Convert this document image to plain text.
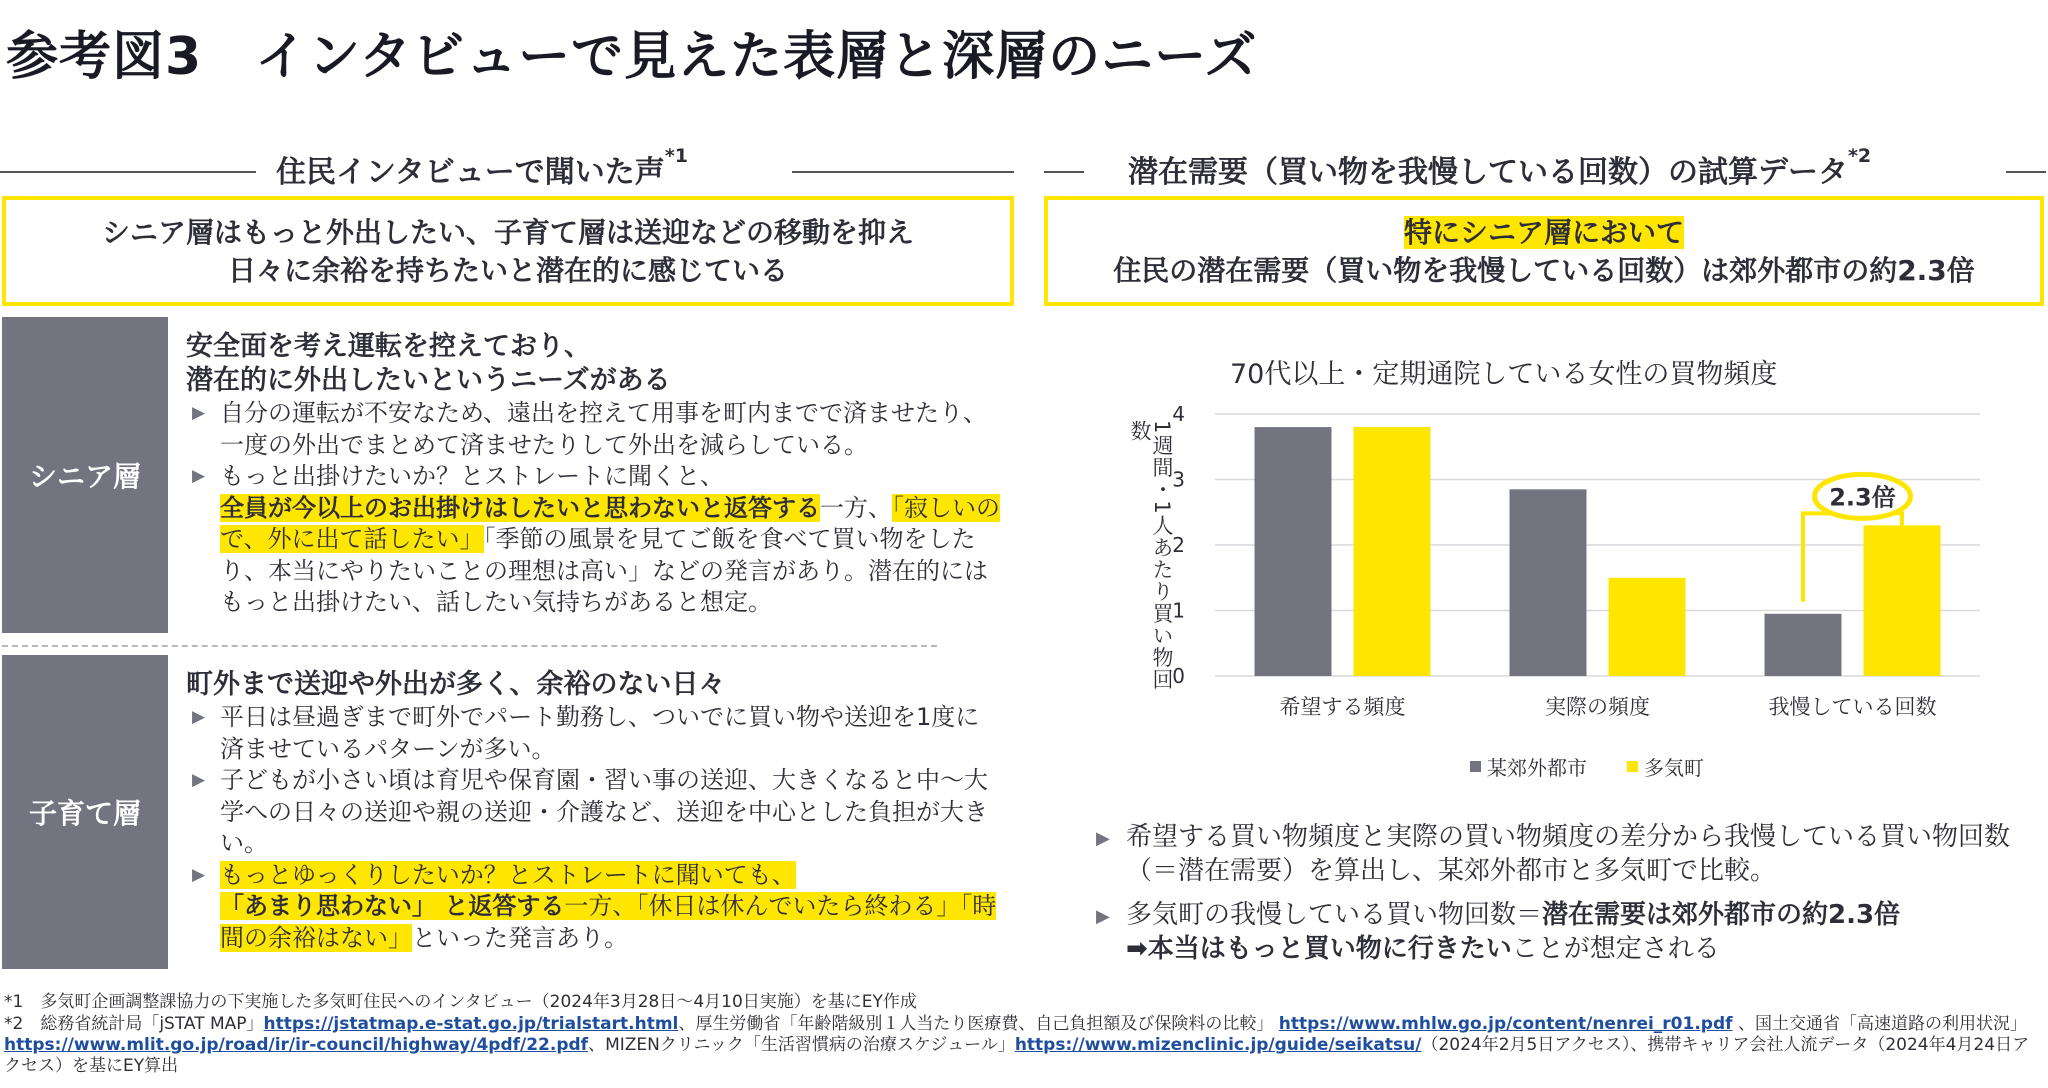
参考図3　インタビューで見えた表層と深層のニーズ
住民インタビューで聞いた声$^{*1}$	潜在需要（買い物を我慢している回数）の試算データ$^{*2}$
シニア層はもっと外出したい、子育て層は送迎などの移動を抑え
日々に余裕を持ちたいと潜在的に感じている
特にシニア層において
住民の潜在需要（買い物を我慢している回数）は郊外都市の約2.3倍
シニア層
安全面を考え運転を控えており、
潜在的に外出したいというニーズがある
▶ 自分の運転が不安なため、遠出を控えて用事を町内までで済ませたり、一度の外出でまとめて済ませたりして外出を減らしている。
▶ もっと出掛けたいか？とストレートに聞くと、
全員が今以上のお出掛けはしたいと思わないと返答する一方、「寂しいので、外に出て話したい」「季節の風景を見てご飯を食べて買い物をしたり、本当にやりたいことの理想は高い」などの発言があり。潜在的にはもっと出掛けたい、話したい気持ちがあると想定。
子育て層
町外まで送迎や外出が多く、余裕のない日々
▶ 平日は昼過ぎまで町外でパート勤務し、ついでに買い物や送迎を1度に済ませているパターンが多い。
▶ 子どもが小さい頃は育児や保育園・習い事の送迎、大きくなると中〜大学への日々の送迎や親の送迎・介護など、送迎を中心とした負担が大きい。
▶ もっとゆっくりしたいか？とストレートに聞いても、
「あまり思わない」 と返答する一方、「休日は休んでいたら終わる」「時間の余裕はない」といった発言あり。
70代以上・定期通院している女性の買物頻度
1週間・1人あたり買い物回数
0
1
2
3
4
希望する頻度	実際の頻度	我慢している回数
2.3倍
某郊外都市	多気町
▶ 希望する買い物頻度と実際の買い物頻度の差分から我慢している買い物回数（＝潜在需要）を算出し、某郊外都市と多気町で比較。
▶ 多気町の我慢している買い物回数＝潜在需要は郊外都市の約2.3倍
➡本当はもっと買い物に行きたいことが想定される
*1　多気町企画調整課協力の下実施した多気町住民へのインタビュー（2024年3月28日〜4月10日実施）を基にEY作成
*2　総務省統計局「jSTAT MAP」https://jstatmap.e-stat.go.jp/trialstart.html、厚生労働省「年齢階級別１人当たり医療費、自己負担額及び保険料の比較」 https://www.mhlw.go.jp/content/nenrei_r01.pdf 、国土交通省「高速道路の利用状況」https://www.mlit.go.jp/road/ir/ir-council/highway/4pdf/22.pdf、MIZENクリニック「生活習慣病の治療スケジュール」https://www.mizenclinic.jp/guide/seikatsu/（2024年2月5日アクセス）、携帯キャリア会社人流データ（2024年4月24日アクセス）を基にEY算出
